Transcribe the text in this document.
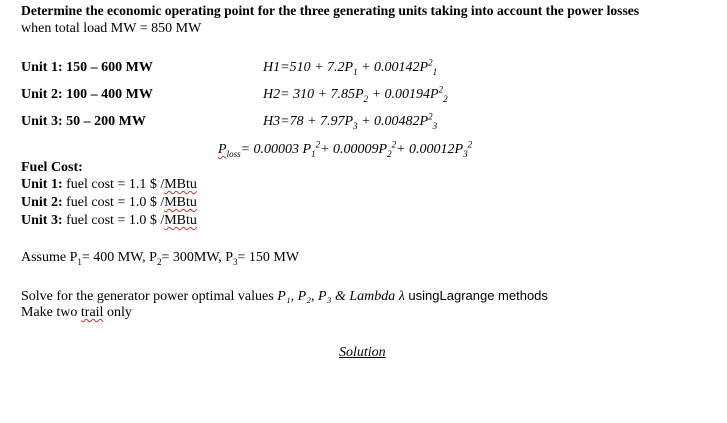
Determine the economic operating point for the three generating units taking into account the power losses
when total load MW = 850 MW
Unit 1: 150 – 600 MW
Unit 2: 100 – 400 MW
Unit 3: 50 – 200 MW
$H1=510 + 7.2P_1 + 0.00142P^2_1$
$H2= 310 + 7.85P_2 + 0.00194P^2_2$
$H3=78 + 7.97P_3 + 0.00482P^2_3$
$P_{loss}= 0.00003$ $P_1^2+ 0.00009P_2^2+ 0.00012P_3^2$
Fuel Cost:
Unit 1: fuel cost = 1.1 $ /MBtu
Unit 2: fuel cost = 1.0 $ /MBtu
Unit 3: fuel cost = 1.0 $ /MBtu
Assume $P_1= 400$ MW, $P_2= 300MW$, $P_3= 150$ MW
Solve for the generator power optimal values P₁, P₂, P₃ & Lambda λ usingLagrange methods
Make two trail only
Solution
